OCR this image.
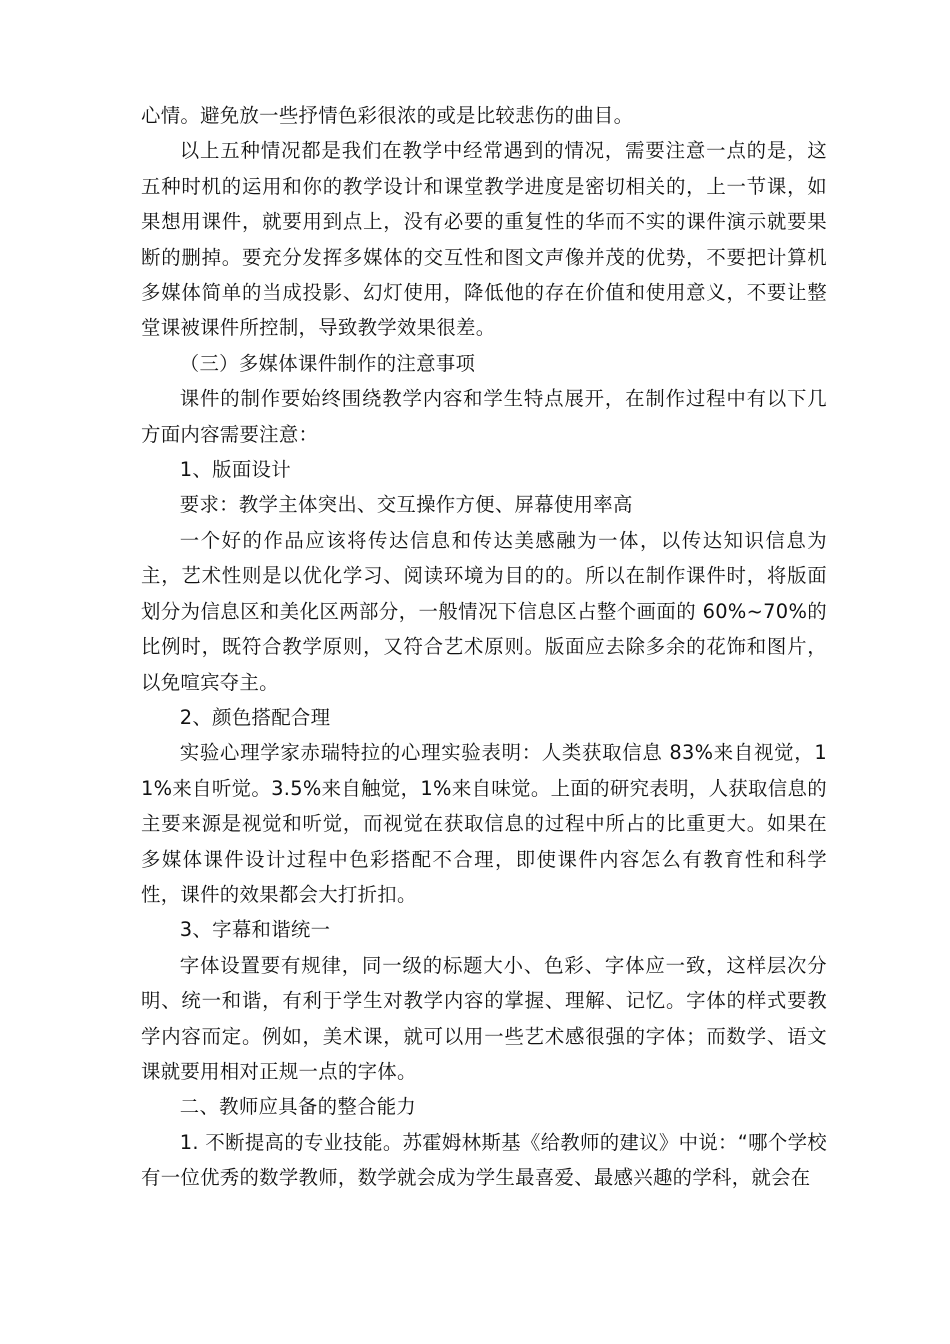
心情。避免放一些抒情色彩很浓的或是比较悲伤的曲目。

以上五种情况都是我们在教学中经常遇到的情况，需要注意一点的是，这五种时机的运用和你的教学设计和课堂教学进度是密切相关的，上一节课，如果想用课件，就要用到点上，没有必要的重复性的华而不实的课件演示就要果断的删掉。要充分发挥多媒体的交互性和图文声像并茂的优势，不要把计算机多媒体简单的当成投影、幻灯使用，降低他的存在价值和使用意义，不要让整堂课被课件所控制，导致教学效果很差。

（三）多媒体课件制作的注意事项

课件的制作要始终围绕教学内容和学生特点展开，在制作过程中有以下几方面内容需要注意：

1、版面设计

要求：教学主体突出、交互操作方便、屏幕使用率高

一个好的作品应该将传达信息和传达美感融为一体，以传达知识信息为主，艺术性则是以优化学习、阅读环境为目的的。所以在制作课件时，将版面划分为信息区和美化区两部分，一般情况下信息区占整个画面的 60%~70%的比例时，既符合教学原则，又符合艺术原则。版面应去除多余的花饰和图片，以免喧宾夺主。

2、颜色搭配合理

实验心理学家赤瑞特拉的心理实验表明：人类获取信息 83%来自视觉，11%来自听觉。3.5%来自触觉，1%来自味觉。上面的研究表明，人获取信息的主要来源是视觉和听觉，而视觉在获取信息的过程中所占的比重更大。如果在多媒体课件设计过程中色彩搭配不合理，即使课件内容怎么有教育性和科学性，课件的效果都会大打折扣。

3、字幕和谐统一

字体设置要有规律，同一级的标题大小、色彩、字体应一致，这样层次分明、统一和谐，有利于学生对教学内容的掌握、理解、记忆。字体的样式要教学内容而定。例如，美术课，就可以用一些艺术感很强的字体；而数学、语文课就要用相对正规一点的字体。

二、教师应具备的整合能力

1. 不断提高的专业技能。苏霍姆林斯基《给教师的建议》中说：“哪个学校有一位优秀的数学教师，数学就会成为学生最喜爱、最感兴趣的学科，就会在
